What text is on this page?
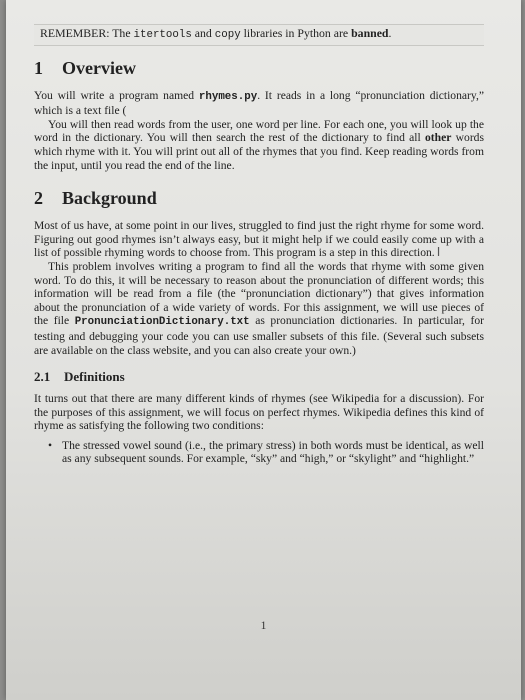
REMEMBER: The itertools and copy libraries in Python are banned.
1 Overview

You will write a program named rhymes.py. It reads in a long “pronunciation dictionary,” which is a text file (

You will then read words from the user, one word per line. For each one, you will look up the word in the dictionary. You will then search the rest of the dictionary to find all other words which rhyme with it. You will print out all of the rhymes that you find. Keep reading words from the input, until you read the end of the line.

2 Background

Most of us have, at some point in our lives, struggled to find just the right rhyme for some word. Figuring out good rhymes isn’t always easy, but it might help if we could easily come up with a list of possible rhyming words to choose from. This program is a step in this direction. I

This problem involves writing a program to find all the words that rhyme with some given word. To do this, it will be necessary to reason about the pronunciation of different words; this information will be read from a file (the “pronunciation dictionary”) that gives information about the pronunciation of a wide variety of words. For this assignment, we will use pieces of the file PronunciationDictionary.txt as pronunciation dictionaries. In particular, for testing and debugging your code you can use smaller subsets of this file. (Several such subsets are available on the class website, and you can also create your own.)

2.1 Definitions

It turns out that there are many different kinds of rhymes (see Wikipedia for a discussion). For the purposes of this assignment, we will focus on perfect rhymes. Wikipedia defines this kind of rhyme as satisfying the following two conditions:

• The stressed vowel sound (i.e., the primary stress) in both words must be identical, as well as any subsequent sounds. For example, “sky” and “high,” or “skylight” and “highlight.”
1
